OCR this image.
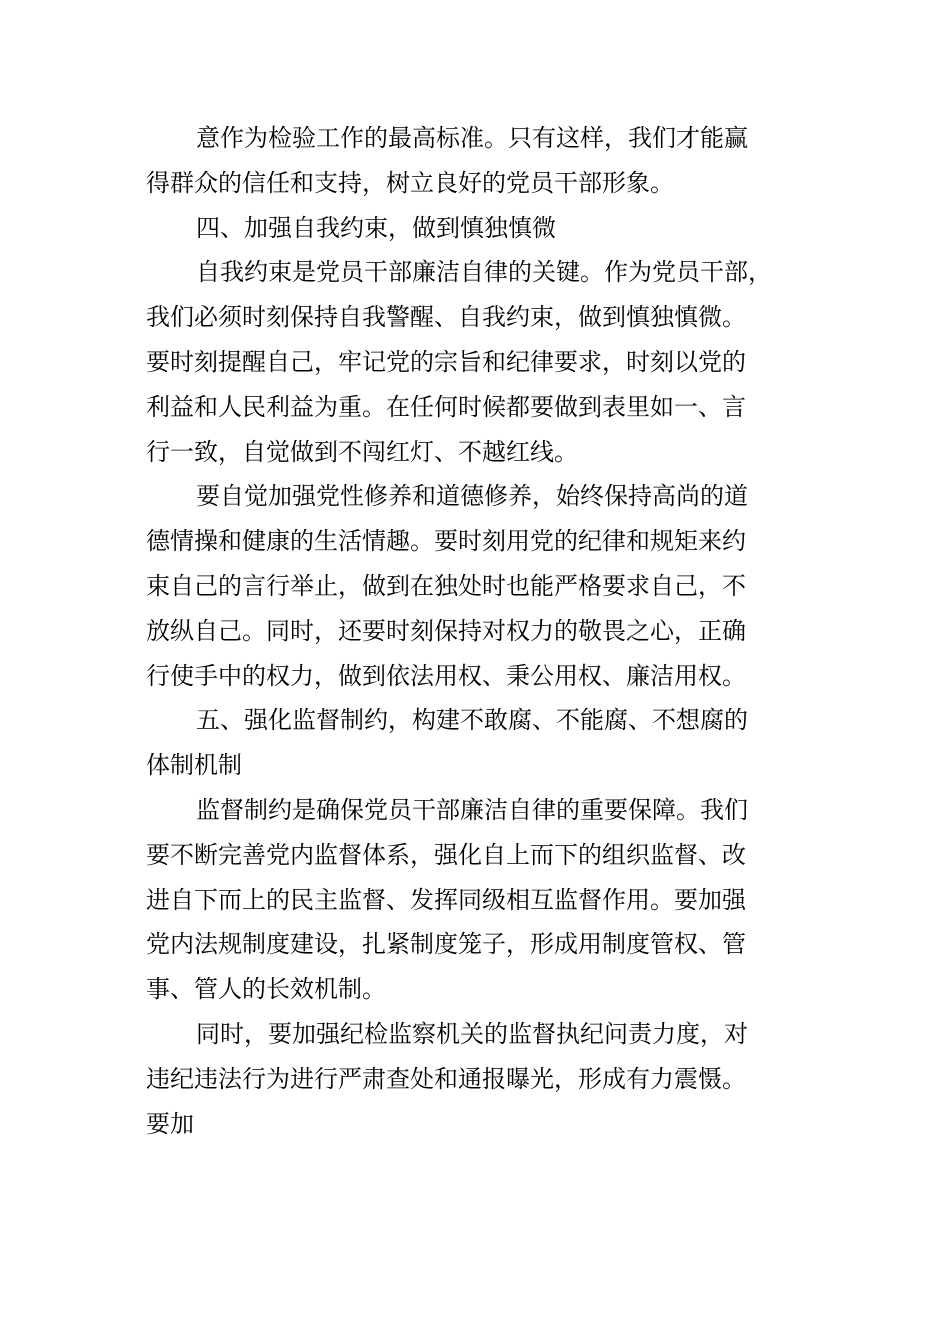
意作为检验工作的最高标准。只有这样，我们才能赢
得群众的信任和支持，树立良好的党员干部形象。
四、加强自我约束，做到慎独慎微
自我约束是党员干部廉洁自律的关键。作为党员干部，
我们必须时刻保持自我警醒、自我约束，做到慎独慎微。
要时刻提醒自己，牢记党的宗旨和纪律要求，时刻以党的
利益和人民利益为重。在任何时候都要做到表里如一、言
行一致，自觉做到不闯红灯、不越红线。
要自觉加强党性修养和道德修养，始终保持高尚的道
德情操和健康的生活情趣。要时刻用党的纪律和规矩来约
束自己的言行举止，做到在独处时也能严格要求自己，不
放纵自己。同时，还要时刻保持对权力的敬畏之心，正确
行使手中的权力，做到依法用权、秉公用权、廉洁用权。
五、强化监督制约，构建不敢腐、不能腐、不想腐的
体制机制
监督制约是确保党员干部廉洁自律的重要保障。我们
要不断完善党内监督体系，强化自上而下的组织监督、改
进自下而上的民主监督、发挥同级相互监督作用。要加强
党内法规制度建设，扎紧制度笼子，形成用制度管权、管
事、管人的长效机制。
同时，要加强纪检监察机关的监督执纪问责力度，对
违纪违法行为进行严肃查处和通报曝光，形成有力震慑。
要加
